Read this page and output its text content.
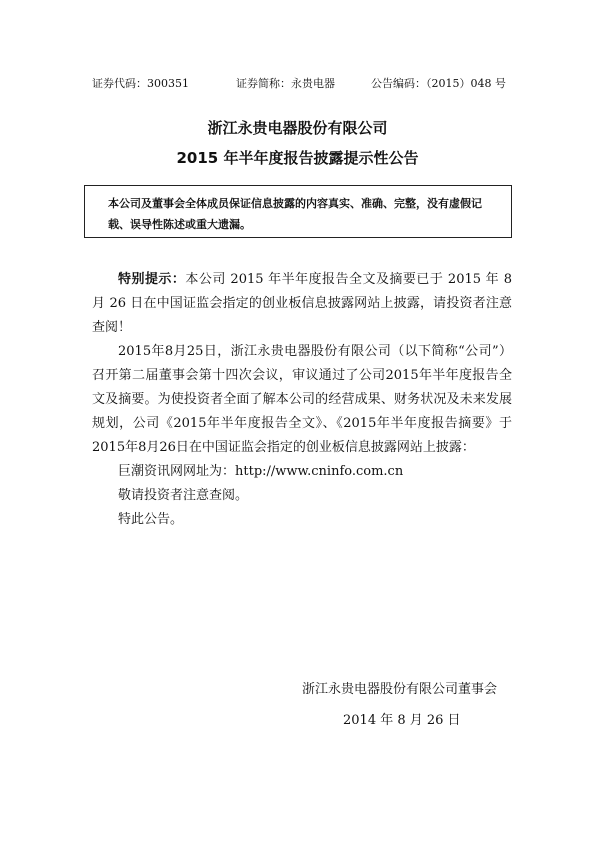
证券代码：300351	证券简称：永贵电器	公告编码：（2015）048 号
浙江永贵电器股份有限公司
2015 年半年度报告披露提示性公告
本公司及董事会全体成员保证信息披露的内容真实、准确、完整，没有虚假记载、误导性陈述或重大遗漏。

特别提示：本公司 2015 年半年度报告全文及摘要已于 2015 年 8 月 26 日在中国证监会指定的创业板信息披露网站上披露，请投资者注意查阅！

2015年8月25日，浙江永贵电器股份有限公司（以下简称“公司”）召开第二届董事会第十四次会议，审议通过了公司2015年半年度报告全文及摘要。为使投资者全面了解本公司的经营成果、财务状况及未来发展规划，公司《2015年半年度报告全文》、《2015年半年度报告摘要》于2015年8月26日在中国证监会指定的创业板信息披露网站上披露：

巨潮资讯网网址为：http://www.cninfo.com.cn

敬请投资者注意查阅。

特此公告。

浙江永贵电器股份有限公司董事会
2014 年 8 月 26 日
